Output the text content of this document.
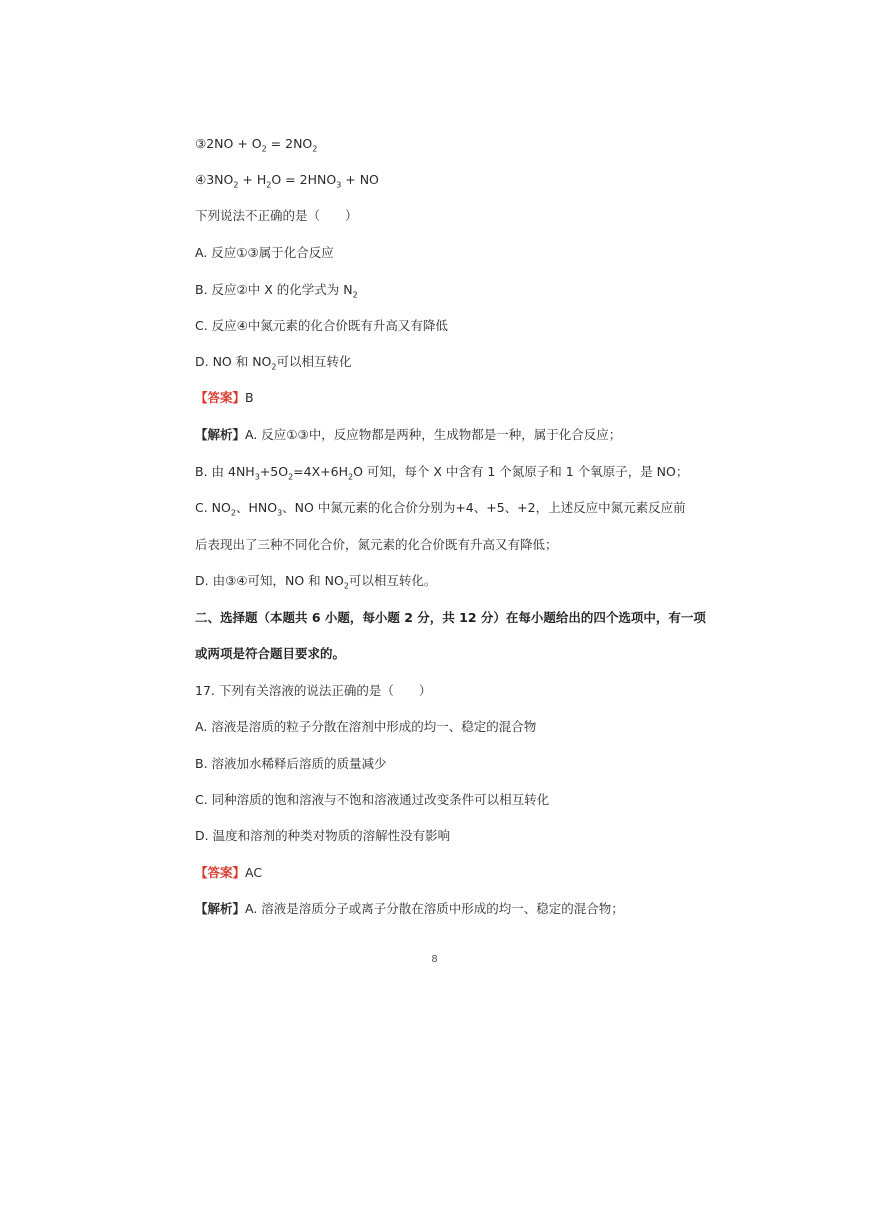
③2NO + $O_2 = 2NO_2$
$④3NO_2 + H_2O = 2HNO_3$ + NO
下列说法不正确的是（　　）
A. 反应①③属于化合反应
B. 反应②中 X 的化学式为 $N_2$
C. 反应④中氮元素的化合价既有升高又有降低
D. NO 和 $NO_2$可以相互转化
【答案】B
【解析】A. 反应①③中，反应物都是两种，生成物都是一种，属于化合反应；
B. 由 $4NH_3+5O_2=4X+6H_2O$ 可知，每个 X 中含有 1 个氮原子和 1 个氧原子，是 NO；
C. $NO_2$、$HNO_3$、NO 中氮元素的化合价分别为+4、+5、+2，上述反应中氮元素反应前
后表现出了三种不同化合价，氮元素的化合价既有升高又有降低；
D. 由③④可知，NO 和 $NO_2$可以相互转化。
二、选择题（本题共 6 小题，每小题 2 分，共 12 分）在每小题给出的四个选项中，有一项
或两项是符合题目要求的。
17. 下列有关溶液的说法正确的是（　　）
A. 溶液是溶质的粒子分散在溶剂中形成的均一、稳定的混合物
B. 溶液加水稀释后溶质的质量减少
C. 同种溶质的饱和溶液与不饱和溶液通过改变条件可以相互转化
D. 温度和溶剂的种类对物质的溶解性没有影响
【答案】AC
【解析】A. 溶液是溶质分子或离子分散在溶质中形成的均一、稳定的混合物；
8
